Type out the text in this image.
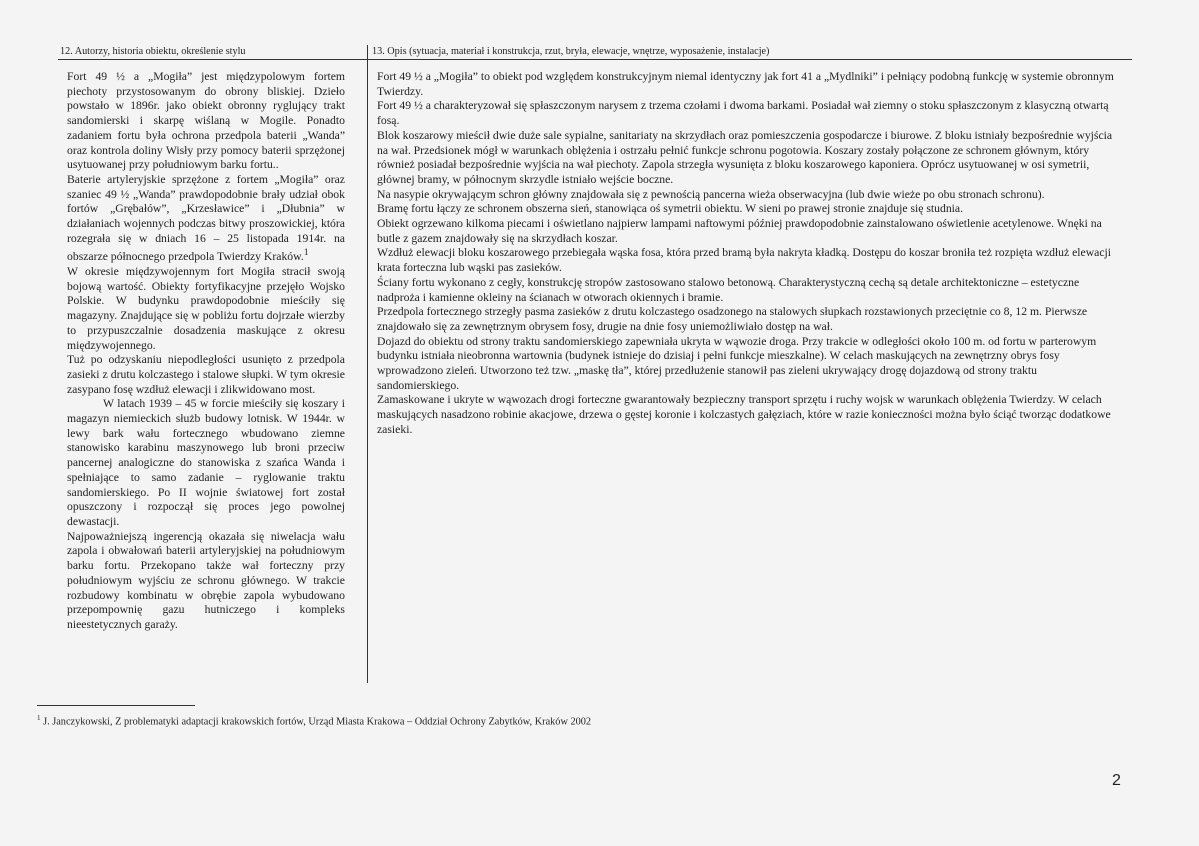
12. Autorzy, historia obiektu, określenie stylu	13. Opis (sytuacja, materiał i konstrukcja, rzut, bryła, elewacje, wnętrze, wyposażenie, instalacje)

Fort 49 ½ a „Mogiła” jest międzypolowym fortem piechoty przystosowanym do obrony bliskiej. Dzieło powstało w 1896r. jako obiekt obronny ryglujący trakt sandomierski i skarpę wiślaną w Mogile. Ponadto zadaniem fortu była ochrona przedpola baterii „Wanda” oraz kontrola doliny Wisły przy pomocy baterii sprzężonej usytuowanej przy południowym barku fortu..

Baterie artyleryjskie sprzężone z fortem „Mogiła” oraz szaniec 49 ½ „Wanda” prawdopodobnie brały udział obok fortów „Grębałów”, „Krzesławice” i „Dłubnia” w działaniach wojennych podczas bitwy proszowickiej, która rozegrała się w dniach 16 – 25 listopada 1914r. na obszarze północnego przedpola Twierdzy Kraków.$^1$

W okresie międzywojennym fort Mogiła stracił swoją bojową wartość. Obiekty fortyfikacyjne przejęło Wojsko Polskie. W budynku prawdopodobnie mieściły się magazyny. Znajdujące się w pobliżu fortu dojrzałe wierzby to przypuszczalnie dosadzenia maskujące z okresu międzywojennego.

Tuż po odzyskaniu niepodległości usunięto z przedpola zasieki z drutu kolczastego i stalowe słupki. W tym okresie zasypano fosę wzdłuż elewacji i zlikwidowano most.

W latach 1939 – 45 w forcie mieściły się koszary i magazyn niemieckich służb budowy lotnisk. W 1944r. w lewy bark wału fortecznego wbudowano ziemne stanowisko karabinu maszynowego lub broni przeciw pancernej analogiczne do stanowiska z szańca Wanda i spełniające to samo zadanie – ryglowanie traktu sandomierskiego. Po II wojnie światowej fort został opuszczony i rozpoczął się proces jego powolnej dewastacji.

Najpoważniejszą ingerencją okazała się niwelacja wału zapola i obwałowań baterii artyleryjskiej na południowym barku fortu. Przekopano także wał forteczny przy południowym wyjściu ze schronu głównego. W trakcie rozbudowy kombinatu w obrębie zapola wybudowano przepompownię gazu hutniczego i kompleks nieestetycznych garaży.

Fort 49 ½ a „Mogiła” to obiekt pod względem konstrukcyjnym niemal identyczny jak fort 41 a „Mydlniki” i pełniący podobną funkcję w systemie obronnym Twierdzy.

Fort 49 ½ a charakteryzował się spłaszczonym narysem z trzema czołami i dwoma barkami. Posiadał wał ziemny o stoku spłaszczonym z klasyczną otwartą fosą.

Blok koszarowy mieścił dwie duże sale sypialne, sanitariaty na skrzydłach oraz pomieszczenia gospodarcze i biurowe. Z bloku istniały bezpośrednie wyjścia na wał. Przedsionek mógł w warunkach oblężenia i ostrzału pełnić funkcje schronu pogotowia. Koszary zostały połączone ze schronem głównym, który również posiadał bezpośrednie wyjścia na wał piechoty. Zapola strzegła wysunięta z bloku koszarowego kaponiera. Oprócz usytuowanej w osi symetrii, głównej bramy, w północnym skrzydle istniało wejście boczne.

Na nasypie okrywającym schron główny znajdowała się z pewnością pancerna wieża obserwacyjna (lub dwie wieże po obu stronach schronu).

Bramę fortu łączy ze schronem obszerna sień, stanowiąca oś symetrii obiektu. W sieni po prawej stronie znajduje się studnia.

Obiekt ogrzewano kilkoma piecami i oświetlano najpierw lampami naftowymi później prawdopodobnie zainstalowano oświetlenie acetylenowe. Wnęki na butle z gazem znajdowały się na skrzydłach koszar.

Wzdłuż elewacji bloku koszarowego przebiegała wąska fosa, która przed bramą była nakryta kładką. Dostępu do koszar broniła też rozpięta wzdłuż elewacji krata forteczna lub wąski pas zasieków.

Ściany fortu wykonano z cegły, konstrukcję stropów zastosowano stalowo betonową. Charakterystyczną cechą są detale architektoniczne – estetyczne nadproża i kamienne okleiny na ścianach w otworach okiennych i bramie.

Przedpola fortecznego strzegły pasma zasieków z drutu kolczastego osadzonego na stalowych słupkach rozstawionych przeciętnie co 8, 12 m. Pierwsze znajdowało się za zewnętrznym obrysem fosy, drugie na dnie fosy uniemożliwiało dostęp na wał.

Dojazd do obiektu od strony traktu sandomierskiego zapewniała ukryta w wąwozie droga. Przy trakcie w odległości około 100 m. od fortu w parterowym budynku istniała nieobronna wartownia (budynek istnieje do dzisiaj i pełni funkcje mieszkalne). W celach maskujących na zewnętrzny obrys fosy wprowadzono zieleń. Utworzono też tzw. „maskę tła”, której przedłużenie stanowił pas zieleni ukrywający drogę dojazdową od strony traktu sandomierskiego.

Zamaskowane i ukryte w wąwozach drogi forteczne gwarantowały bezpieczny transport sprzętu i ruchy wojsk w warunkach oblężenia Twierdzy. W celach maskujących nasadzono robinie akacjowe, drzewa o gęstej koronie i kolczastych gałęziach, które w razie konieczności można było ściąć tworząc dodatkowe zasieki.

$^1$ J. Janczykowski, Z problematyki adaptacji krakowskich fortów, Urząd Miasta Krakowa – Oddział Ochrony Zabytków, Kraków 2002
2
